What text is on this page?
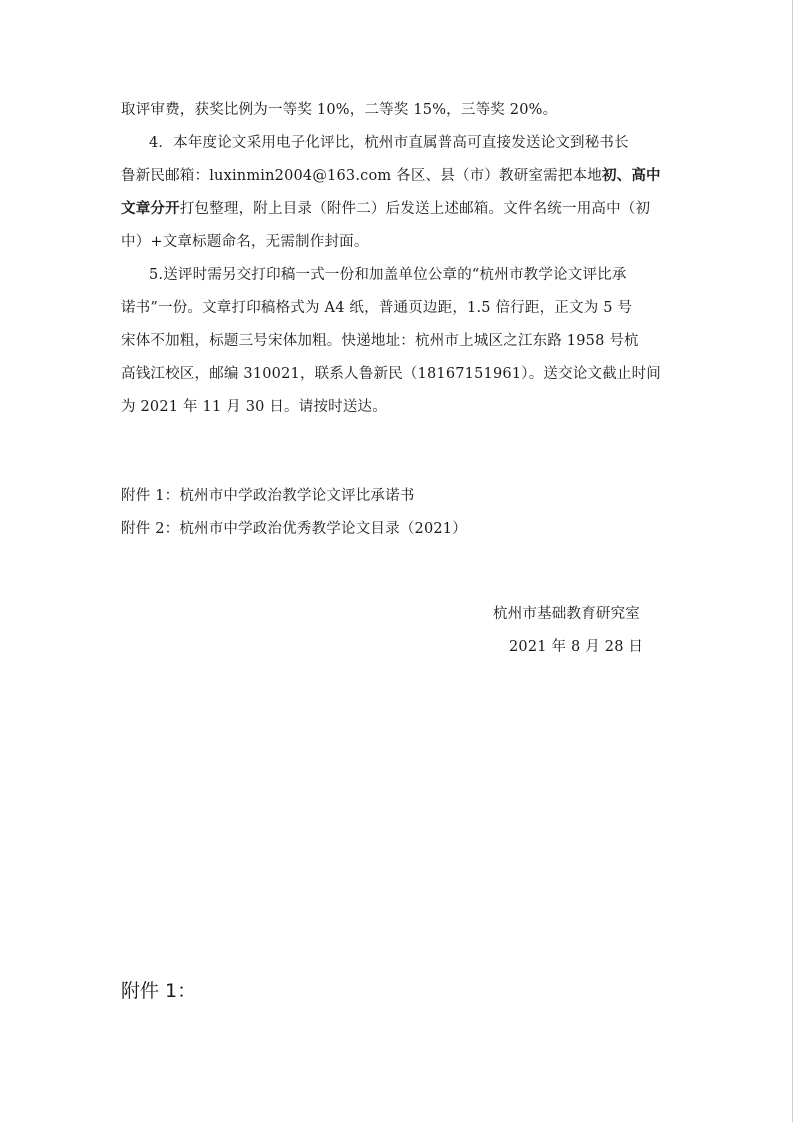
取评审费，获奖比例为一等奖 10%，二等奖 15%，三等奖 20%。
4．本年度论文采用电子化评比，杭州市直属普高可直接发送论文到秘书长
鲁新民邮箱：luxinmin2004@163.com 各区、县（市）教研室需把本地初、高中
文章分开打包整理，附上目录（附件二）后发送上述邮箱。文件名统一用高中（初
中）+文章标题命名，无需制作封面。
5.送评时需另交打印稿一式一份和加盖单位公章的“杭州市教学论文评比承
诺书”一份。文章打印稿格式为 A4 纸，普通页边距，1.5 倍行距，正文为 5 号
宋体不加粗，标题三号宋体加粗。快递地址：杭州市上城区之江东路 1958 号杭
高钱江校区，邮编 310021，联系人鲁新民（18167151961）。送交论文截止时间
为 2021 年 11 月 30 日。请按时送达。
附件 1：杭州市中学政治教学论文评比承诺书
附件 2：杭州市中学政治优秀教学论文目录（2021）
杭州市基础教育研究室
2021 年 8 月 28 日
附件 1：
